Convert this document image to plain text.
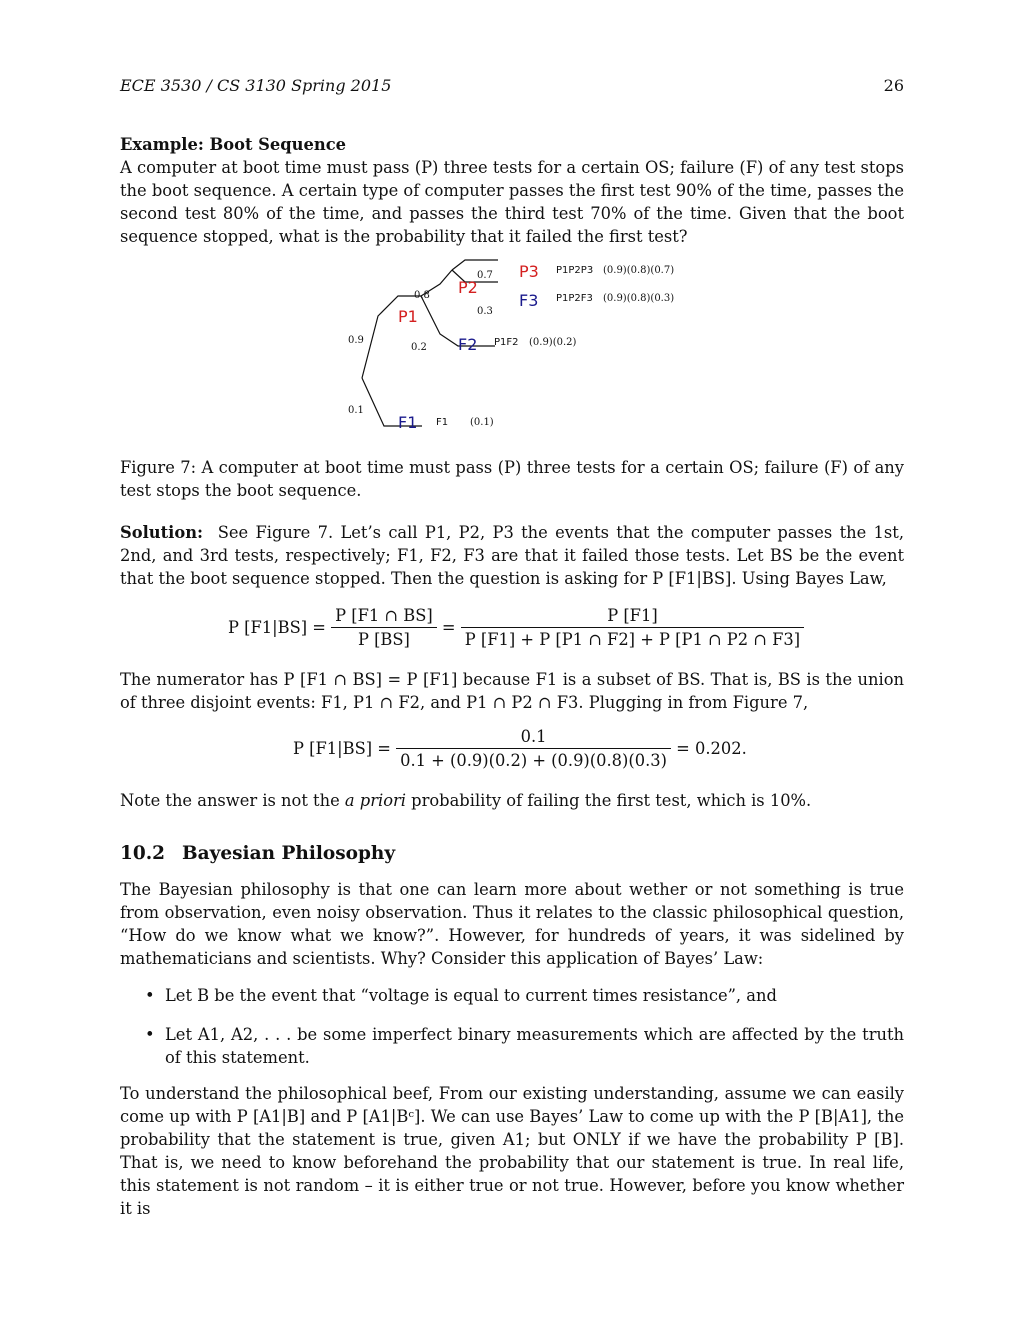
ECE 3530 / CS 3130 Spring 2015	26
Example: Boot Sequence

A computer at boot time must pass (P) three tests for a certain OS; failure (F) of any test stops the boot sequence. A certain type of computer passes the first test 90% of the time, passes the second test 80% of the time, and passes the third test 70% of the time. Given that the boot sequence stopped, what is the probability that it failed the first test?

P1
P2
P3
F3
F2
F1
0.9
0.1
0.8
0.2
0.7
0.3
P1P2P3 (0.9)(0.8)(0.7)
P1P2F3 (0.9)(0.8)(0.3)
P1F2 (0.9)(0.2)
F1 (0.1)

Figure 7: A computer at boot time must pass (P) three tests for a certain OS; failure (F) of any test stops the boot sequence.

Solution: See Figure 7. Let’s call P1, P2, P3 the events that the computer passes the 1st, 2nd, and 3rd tests, respectively; F1, F2, F3 are that it failed those tests. Let BS be the event that the boot sequence stopped. Then the question is asking for P [F1|BS]. Using Bayes Law,

P $[F1|BS] = \frac{P [F1 \cap BS]}{P [BS]} = \frac{P [F1]}{P [F1] + P [P1 \cap F2] + P [P1 \cap P2 \cap F3]}$

The numerator has P [F1 ∩ BS] = P [F1] because F1 is a subset of BS. That is, BS is the union of three disjoint events: F1, P1 ∩ F2, and P1 ∩ P2 ∩ F3. Plugging in from Figure 7,

P $[F1|BS] = \frac{0.1}{0.1 + (0.9)(0.2) + (0.9)(0.8)(0.3)} = 0.202$.

Note the answer is not the a priori probability of failing the first test, which is 10%.

10.2 Bayesian Philosophy

The Bayesian philosophy is that one can learn more about wether or not something is true from observation, even noisy observation. Thus it relates to the classic philosophical question, “How do we know what we know?”. However, for hundreds of years, it was sidelined by mathematicians and scientists. Why? Consider this application of Bayes’ Law:

• Let B be the event that “voltage is equal to current times resistance”, and
• Let A1, A2, . . . be some imperfect binary measurements which are affected by the truth of this statement.

To understand the philosophical beef, From our existing understanding, assume we can easily come up with P [A1|B] and P [A1|Bᶜ]. We can use Bayes’ Law to come up with the P [B|A1], the probability that the statement is true, given A1; but ONLY if we have the probability P [B]. That is, we need to know beforehand the probability that our statement is true. In real life, this statement is not random – it is either true or not true. However, before you know whether it is
